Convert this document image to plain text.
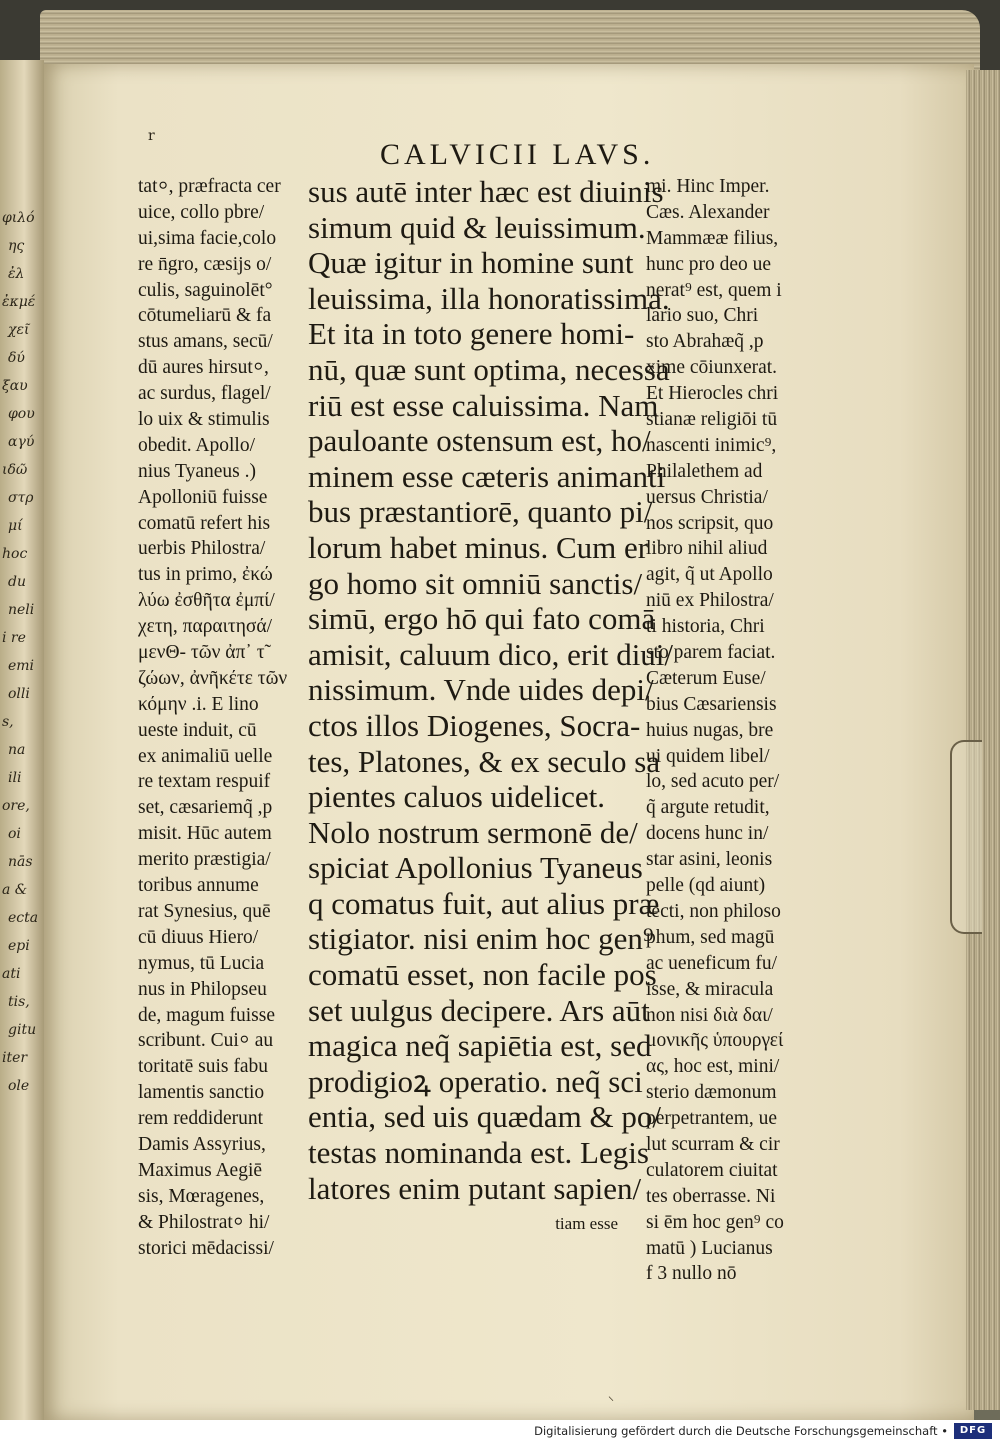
φιλό
ης
ἐλ
ἐκμέ
χεῖ
δύ
ξαυ
φου
αγύ
ιδῶ
στρ
μί
hoc
du
neli
i re
emi
olli
s,
na
ili
ore,
oi
nās
a &
ecta
epi
ati
tis,
gitu
iter
ole
r
CALVICII LAVS.
tat⸰, præfracta cer
uice, collo pbre/
ui,sima facie,colo
re n̄gro, cæsijs o/
culis, saguinolēt°
cōtumeliarū & fa
stus amans, secū/
dū aures hirsut⸰,
ac surdus, flagel/
lo uix & stimulis
obedit. Apollo/
nius Tyaneus .)
Apolloniū fuisse
comatū refert his
uerbis Philostra/
tus in primo, ἐκώ
λύω ἐσθῆτα ἐμπί/
χετη, παραιτησά/
μενΘ- τῶν ἀπ᾽ τ̃
ζώων, ἀνῆκέτε τῶν
κόμην .i. E lino
ueste induit, cū
ex animaliū uelle
re textam respuif
set, cæsariemq̃ ,p
misit. Hūc autem
merito præstigia/
toribus annume
rat Synesius, quē
cū diuus Hiero/
nymus, tū Lucia
nus in Philopseu
de, magum fuisse
scribunt. Cui⸰ au
toritatē suis fabu
lamentis sanctio
rem reddiderunt
Damis Assyrius,
Maximus Aegiē
sis, Mœragenes,
& Philostrat⸰ hi/
storici mēdacissi/
sus autē inter hæc est diuinis
simum quid & leuissimum.
Quæ igitur in homine sunt
leuissima, illa honoratissima.
Et ita in toto genere homi-
nū, quæ sunt optima, necessa
riū est esse caluissima. Nam
pauloante ostensum est, ho/
minem esse cæteris animanti
bus præstantiorē, quanto pi/
lorum habet minus. Cum er
go homo sit omniū sanctis/
simū, ergo hō qui fato comā
amisit, caluum dico, erit diui/
nissimum. Vnde uides depi/
ctos illos Diogenes, Socra-
tes, Platones, & ex seculo sa
pientes caluos uidelicet.
Nolo nostrum sermonē de/
spiciat Apollonius Tyaneus
q comatus fuit, aut alius præ
stigiator. nisi enim hoc gen⁹
comatū esset, non facile pos
set uulgus decipere. Ars aūt
magica neq̃ sapiētia est, sed
prodigioꝝ operatio. neq̃ sci
entia, sed uis quædam & po/
testas nominanda est. Legis
latores enim putant sapien/
tiam esse
mi. Hinc Imper.
Cæs. Alexander
Mammææ filius,
hunc pro deo ue
nerat⁹ est, quem i
lario suo, Chri
sto Abrahæq̃ ,p
xime cōiunxerat.
Et Hierocles chri
stianæ religiōi tū
nascenti inimic⁹,
Philalethem ad
uersus Christia/
nos scripsit, quo
libro nihil aliud
agit, q̃ ut Apollo
niū ex Philostra/
ti historia, Chri
sto parem faciat.
Cæterum Euse/
bius Cæsariensis
huius nugas, bre
ui quidem libel/
lo, sed acuto per/
q̃ argute retudit,
docens hunc in/
star asini, leonis
pelle (qd aiunt)
tecti, non philoso
phum, sed magū
ac ueneficum fu/
isse, & miracula
non nisi διὰ δαι/
μονικῆς ὑπουργεί
ας, hoc est, mini/
sterio dæmonum
perpetrantem, ue
lut scurram & cir
culatorem ciuitat
tes oberrasse. Ni
si ēm hoc gen⁹ co
matū ) Lucianus
f 3 nullo nō
⸌
Digitalisierung gefördert durch die Deutsche Forschungsgemeinschaft •	DFG
